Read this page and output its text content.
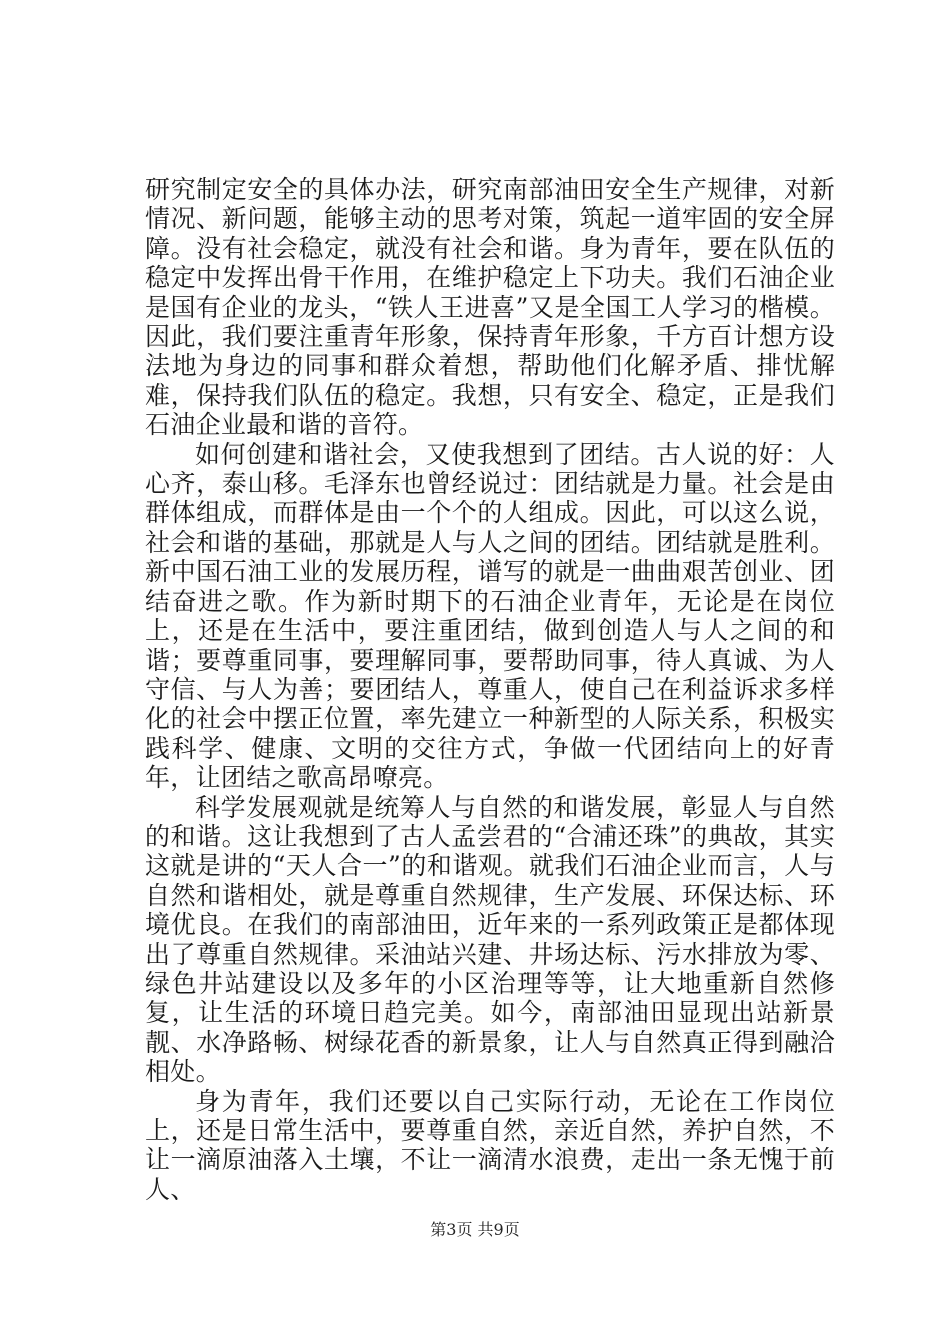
研究制定安全的具体办法，研究南部油田安全生产规律，对新情况、新问题，能够主动的思考对策，筑起一道牢固的安全屏障。没有社会稳定，就没有社会和谐。身为青年，要在队伍的稳定中发挥出骨干作用，在维护稳定上下功夫。我们石油企业是国有企业的龙头，“铁人王进喜”又是全国工人学习的楷模。因此，我们要注重青年形象，保持青年形象，千方百计想方设法地为身边的同事和群众着想，帮助他们化解矛盾、排忧解难，保持我们队伍的稳定。我想，只有安全、稳定，正是我们石油企业最和谐的音符。

如何创建和谐社会，又使我想到了团结。古人说的好：人心齐，泰山移。毛泽东也曾经说过：团结就是力量。社会是由群体组成，而群体是由一个个的人组成。因此，可以这么说，社会和谐的基础，那就是人与人之间的团结。团结就是胜利。新中国石油工业的发展历程，谱写的就是一曲曲艰苦创业、团结奋进之歌。作为新时期下的石油企业青年，无论是在岗位上，还是在生活中，要注重团结，做到创造人与人之间的和谐；要尊重同事，要理解同事，要帮助同事，待人真诚、为人守信、与人为善；要团结人，尊重人，使自己在利益诉求多样化的社会中摆正位置，率先建立一种新型的人际关系，积极实践科学、健康、文明的交往方式，争做一代团结向上的好青年，让团结之歌高昂嘹亮。

科学发展观就是统筹人与自然的和谐发展，彰显人与自然的和谐。这让我想到了古人孟尝君的“合浦还珠”的典故，其实这就是讲的“天人合一”的和谐观。就我们石油企业而言，人与自然和谐相处，就是尊重自然规律，生产发展、环保达标、环境优良。在我们的南部油田，近年来的一系列政策正是都体现出了尊重自然规律。采油站兴建、井场达标、污水排放为零、绿色井站建设以及多年的小区治理等等，让大地重新自然修复，让生活的环境日趋完美。如今，南部油田显现出站新景靓、水净路畅、树绿花香的新景象，让人与自然真正得到融洽相处。

身为青年，我们还要以自己实际行动，无论在工作岗位上，还是日常生活中，要尊重自然，亲近自然，养护自然，不让一滴原油落入土壤，不让一滴清水浪费，走出一条无愧于前人、

第3页 共9页
